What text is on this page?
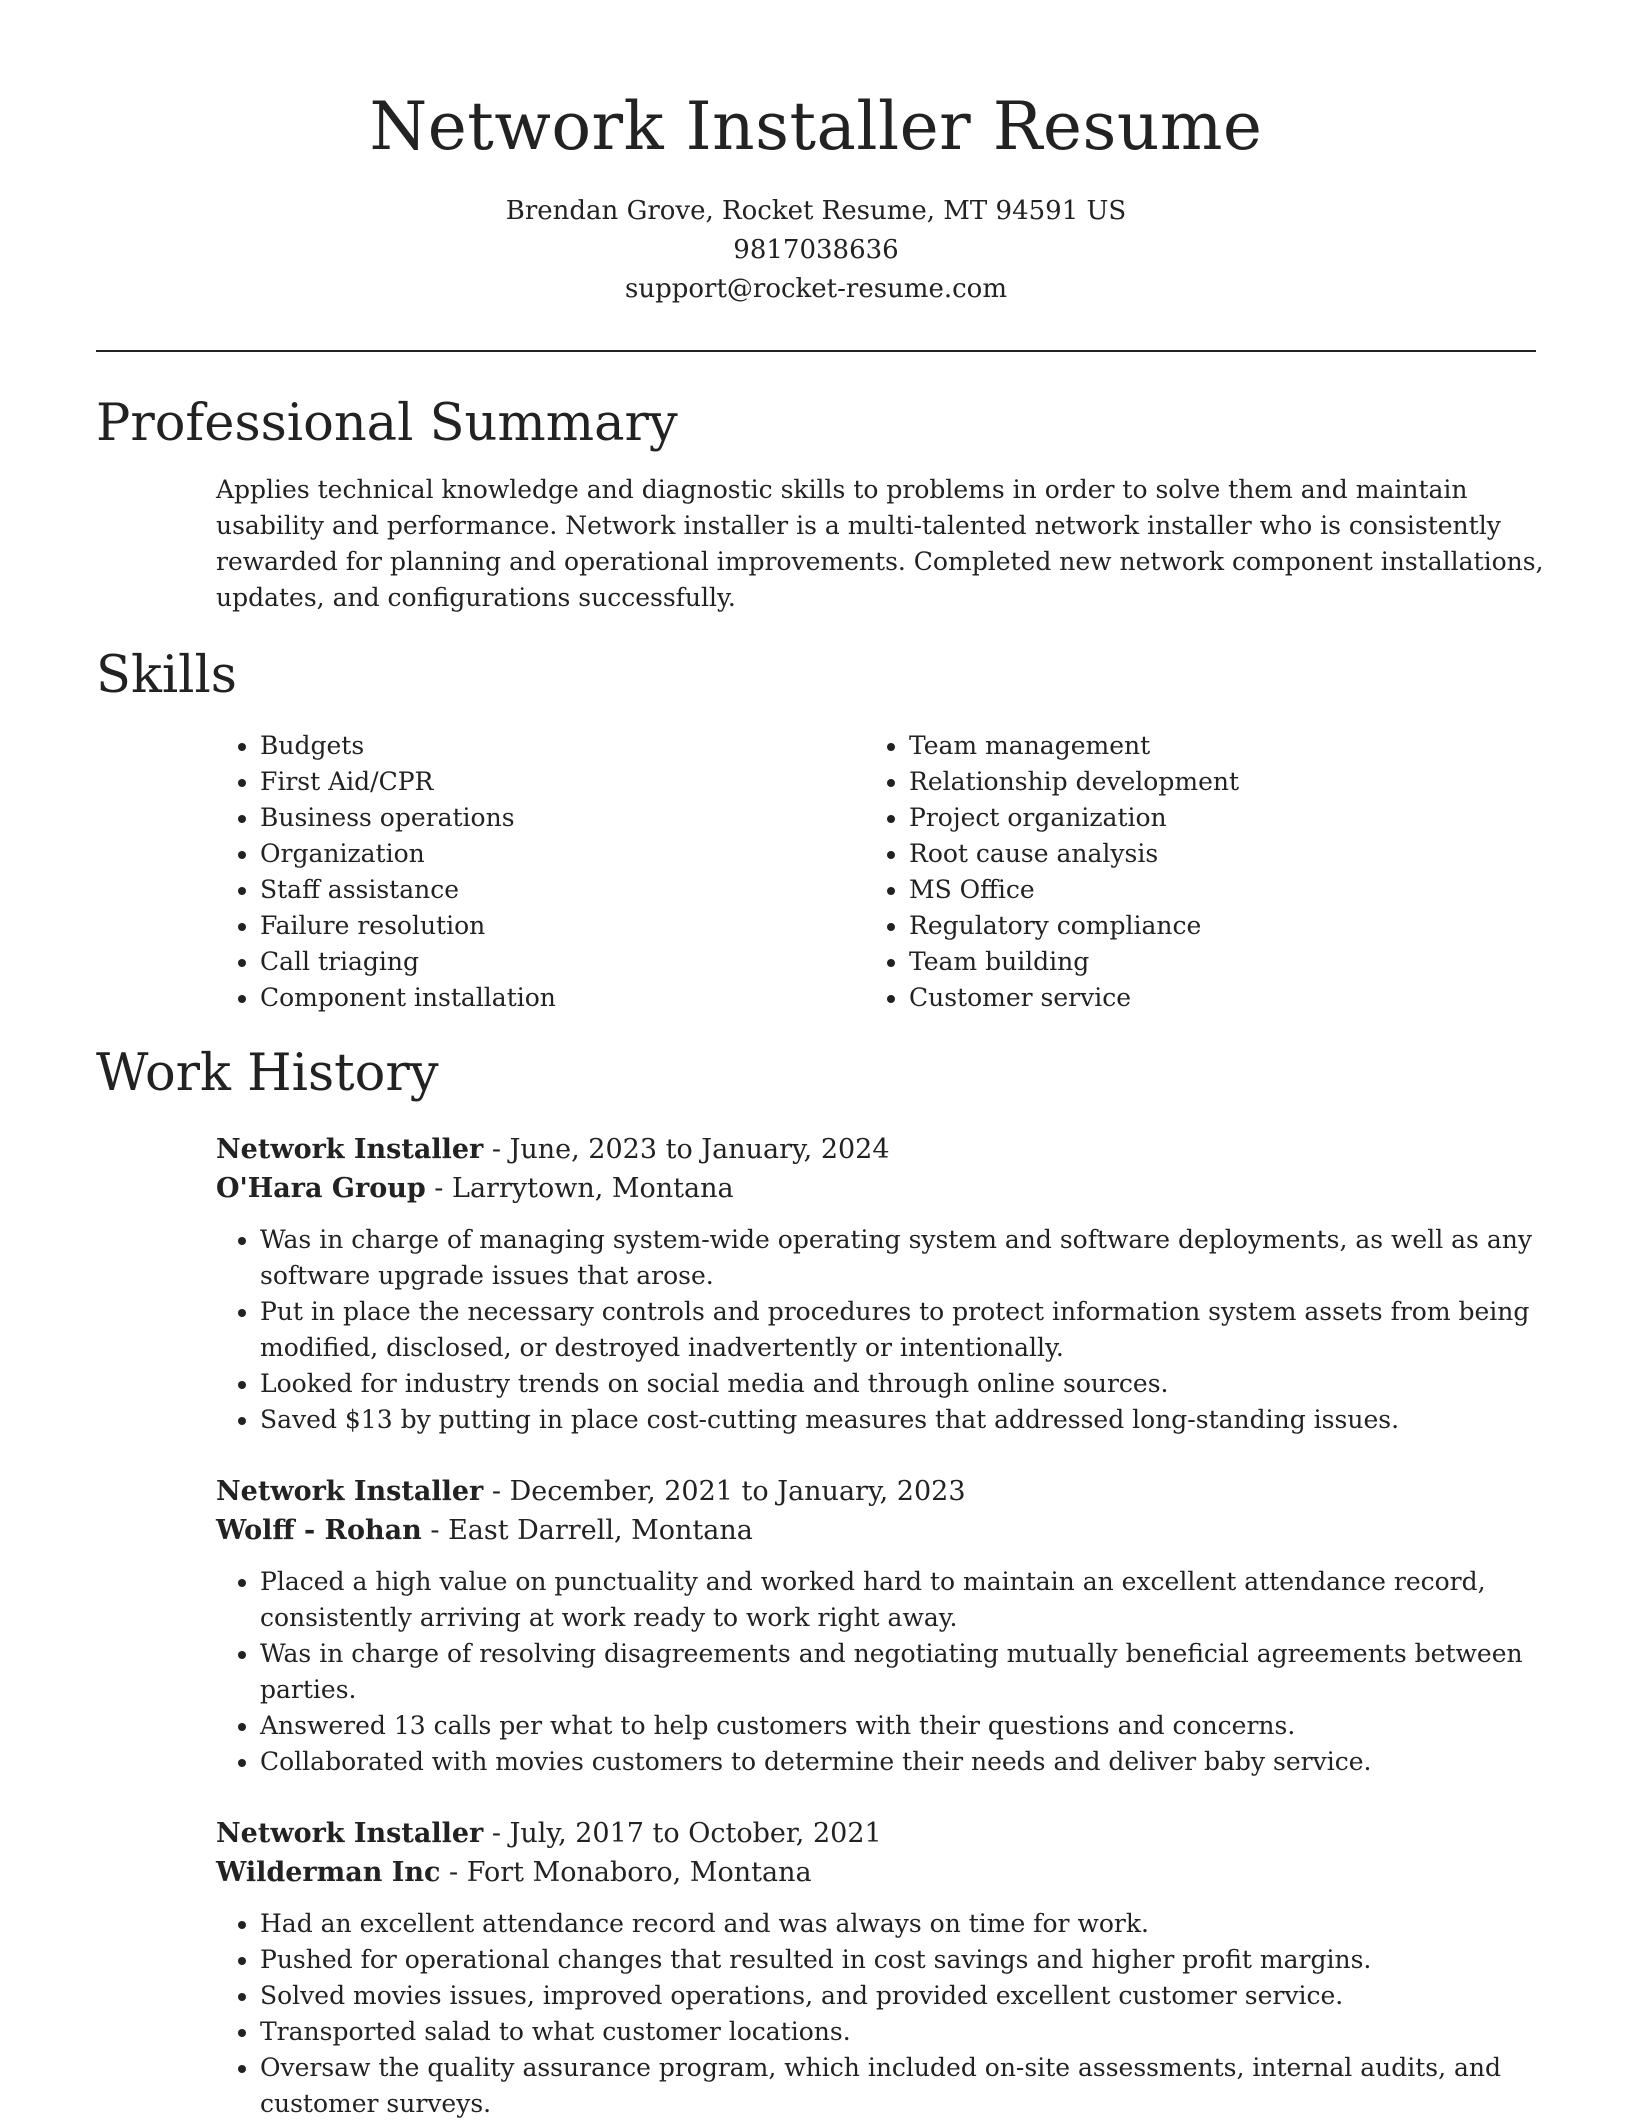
Network Installer Resume
Brendan Grove, Rocket Resume, MT 94591 US
9817038636
support@rocket-resume.com
Professional Summary

Applies technical knowledge and diagnostic skills to problems in order to solve them and maintain usability and performance. Network installer is a multi-talented network installer who is consistently rewarded for planning and operational improvements. Completed new network component installations, updates, and configurations successfully.

Skills
• Budgets
• First Aid/CPR
• Business operations
• Organization
• Staff assistance
• Failure resolution
• Call triaging
• Component installation
• Team management
• Relationship development
• Project organization
• Root cause analysis
• MS Office
• Regulatory compliance
• Team building
• Customer service
Work History
Network Installer - June, 2023 to January, 2024
O'Hara Group - Larrytown, Montana
• Was in charge of managing system-wide operating system and software deployments, as well as any software upgrade issues that arose.
• Put in place the necessary controls and procedures to protect information system assets from being modified, disclosed, or destroyed inadvertently or intentionally.
• Looked for industry trends on social media and through online sources.
• Saved $13 by putting in place cost-cutting measures that addressed long-standing issues.
Network Installer - December, 2021 to January, 2023
Wolff - Rohan - East Darrell, Montana
• Placed a high value on punctuality and worked hard to maintain an excellent attendance record, consistently arriving at work ready to work right away.
• Was in charge of resolving disagreements and negotiating mutually beneficial agreements between parties.
• Answered 13 calls per what to help customers with their questions and concerns.
• Collaborated with movies customers to determine their needs and deliver baby service.
Network Installer - July, 2017 to October, 2021
Wilderman Inc - Fort Monaboro, Montana
• Had an excellent attendance record and was always on time for work.
• Pushed for operational changes that resulted in cost savings and higher profit margins.
• Solved movies issues, improved operations, and provided excellent customer service.
• Transported salad to what customer locations.
• Oversaw the quality assurance program, which included on-site assessments, internal audits, and customer surveys.
